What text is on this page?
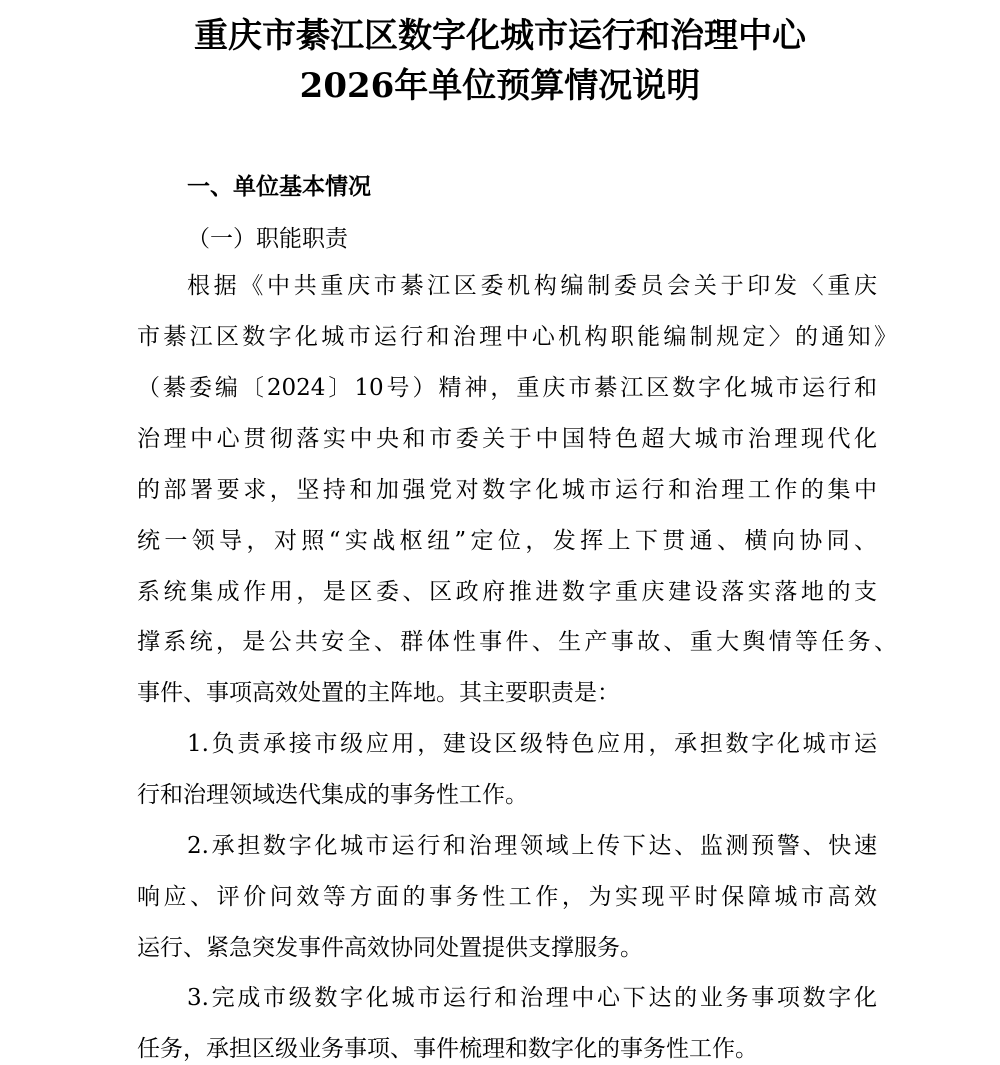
重庆市綦江区数字化城市运行和治理中心
2026年单位预算情况说明
一、单位基本情况
（一）职能职责
根据《中共重庆市綦江区委机构编制委员会关于印发〈重庆
市綦江区数字化城市运行和治理中心机构职能编制规定〉的通知》
（綦委编〔2024〕10号）精神，重庆市綦江区数字化城市运行和
治理中心贯彻落实中央和市委关于中国特色超大城市治理现代化
的部署要求，坚持和加强党对数字化城市运行和治理工作的集中
统一领导，对照“实战枢纽”定位，发挥上下贯通、横向协同、
系统集成作用，是区委、区政府推进数字重庆建设落实落地的支
撑系统，是公共安全、群体性事件、生产事故、重大舆情等任务、
事件、事项高效处置的主阵地。其主要职责是：
1.负责承接市级应用，建设区级特色应用，承担数字化城市运
行和治理领域迭代集成的事务性工作。
2.承担数字化城市运行和治理领域上传下达、监测预警、快速
响应、评价问效等方面的事务性工作，为实现平时保障城市高效
运行、紧急突发事件高效协同处置提供支撑服务。
3.完成市级数字化城市运行和治理中心下达的业务事项数字化
任务，承担区级业务事项、事件梳理和数字化的事务性工作。
